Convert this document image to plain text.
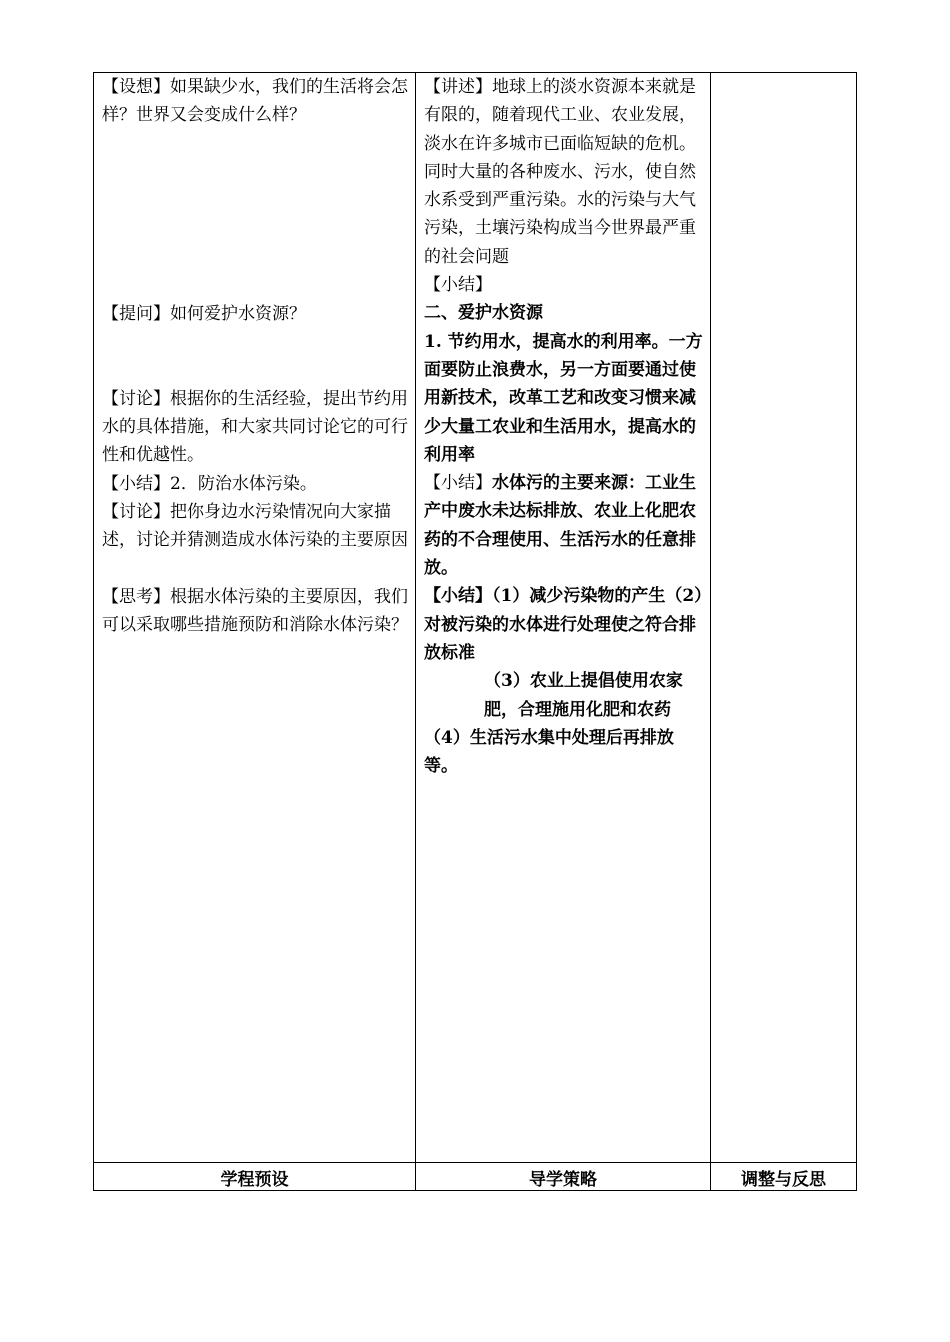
【设想】如果缺少水，我们的生活将会怎样？世界又会变成什么样？

【提问】如何爱护水资源？

【讨论】根据你的生活经验，提出节约用水的具体措施，和大家共同讨论它的可行性和优越性。

【小结】2．防治水体污染。

【讨论】把你身边水污染情况向大家描述，讨论并猜测造成水体污染的主要原因

【思考】根据水体污染的主要原因，我们可以采取哪些措施预防和消除水体污染？

【讲述】地球上的淡水资源本来就是有限的，随着现代工业、农业发展，淡水在许多城市已面临短缺的危机。同时大量的各种废水、污水，使自然水系受到严重污染。水的污染与大气污染，土壤污染构成当今世界最严重的社会问题

【小结】

二、爱护水资源

1. 节约用水，提高水的利用率。一方面要防止浪费水，另一方面要通过使用新技术，改革工艺和改变习惯来减少大量工农业和生活用水，提高水的利用率

【小结】水体污的主要来源：工业生产中废水未达标排放、农业上化肥农药的不合理使用、生活污水的任意排放。

【小结】（1）减少污染物的产生（2）对被污染的水体进行处理使之符合排放标准

（3）农业上提倡使用农家肥，合理施用化肥和农药

（4）生活污水集中处理后再排放等。

学程预设	导学策略	调整与反思
